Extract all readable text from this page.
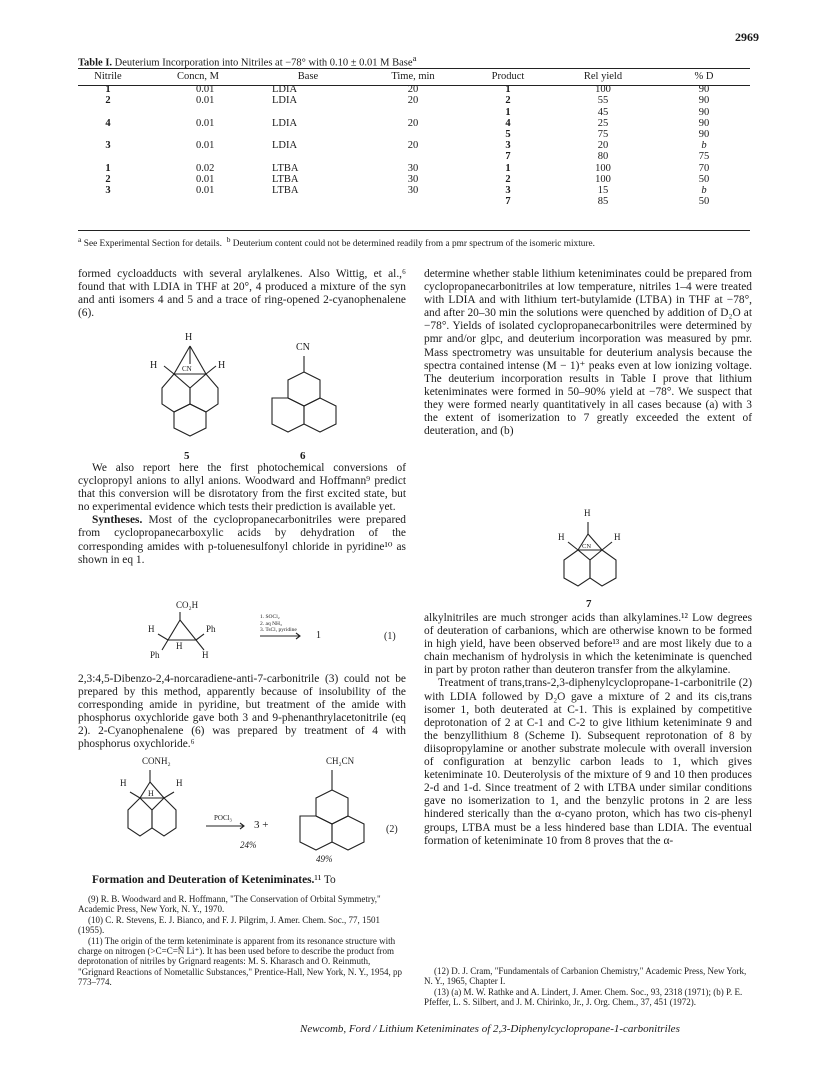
2969
Table I. Deuterium Incorporation into Nitriles at −78° with 0.10 ± 0.01 M Base$^a$
Nitrile	Concn, M	Base	Time, min	Product	Rel yield	% D
1	0.01	LDIA	20	1	100	90
2	0.01	LDIA	20	2	55	90
				1	45	90
4	0.01	LDIA	20	4	25	90
				5	75	90
3	0.01	LDIA	20	3	20	b
				7	80	75
1	0.02	LTBA	30	1	100	70
2	0.01	LTBA	30	2	100	50
3	0.01	LTBA	30	3	15	b
				7	85	50
$^a$ See Experimental Section for details. $^b$ Deuterium content could not be determined readily from a pmr spectrum of the isomeric mixture.

formed cycloadducts with several arylalkenes. Also Wittig, et al.,⁶ found that with LDIA in THF at 20°, 4 produced a mixture of the syn and anti isomers 4 and 5 and a trace of ring-opened 2-cyanophenalene (6).

H
H	H
CN
5
CN
6

We also report here the first photochemical conversions of cyclopropyl anions to allyl anions. Woodward and Hoffmann⁹ predict that this conversion will be disrotatory from the first excited state, but no experimental evidence which tests their prediction is available yet.

Syntheses. Most of the cyclopropanecarbonitriles were prepared from cyclopropanecarboxylic acids by dehydration of the corresponding amides with p-toluenesulfonyl chloride in pyridine¹⁰ as shown in eq 1.

CO₂H
H	Ph
H
Ph	H
1. SOCl₂
2. aq NH₃
3. TsCl, pyridine 1	(1)

2,3:4,5-Dibenzo-2,4-norcaradiene-anti-7-carbonitrile (3) could not be prepared by this method, apparently because of insolubility of the corresponding amide in pyridine, but treatment of the amide with phosphorus oxychloride gave both 3 and 9-phenanthrylacetonitrile (eq 2). 2-Cyanophenalene (6) was prepared by treatment of 4 with phosphorus oxychloride.⁶

CONH₂
H	H
H
POCl₃
3 +
24%
CH₂CN
49%
(2)

Formation and Deuteration of Keteniminates.¹¹ To

(9) R. B. Woodward and R. Hoffmann, "The Conservation of Orbital Symmetry," Academic Press, New York, N. Y., 1970.

(10) C. R. Stevens, E. J. Bianco, and F. J. Pilgrim, J. Amer. Chem. Soc., 77, 1501 (1955).

(11) The origin of the term keteniminate is apparent from its resonance structure with charge on nitrogen (>C=C=N̄ Li⁺). It has been used before to describe the product from deprotonation of nitriles by Grignard reagents: M. S. Kharasch and O. Reinmuth, "Grignard Reactions of Nometallic Substances," Prentice-Hall, New York, N. Y., 1954, pp 773–774.

determine whether stable lithium keteniminates could be prepared from cyclopropanecarbonitriles at low temperature, nitriles 1–4 were treated with LDIA and with lithium tert-butylamide (LTBA) in THF at −78°, and after 20–30 min the solutions were quenched by addition of D₂O at −78°. Yields of isolated cyclopropanecarbonitriles were determined by pmr and/or glpc, and deuterium incorporation was measured by pmr. Mass spectrometry was unsuitable for deuterium analysis because the spectra contained intense (M − 1)⁺ peaks even at low ionizing voltage. The deuterium incorporation results in Table I prove that lithium keteniminates were formed in 50–90% yield at −78°. We suspect that they were formed nearly quantitatively in all cases because (a) with 3 the extent of isomerization to 7 greatly exceeded the extent of deuteration, and (b)

H
H	H
CN
7

alkylnitriles are much stronger acids than alkylamines.¹² Low degrees of deuteration of carbanions, which are otherwise known to be formed in high yield, have been observed before¹³ and are most likely due to a chain mechanism of hydrolysis in which the keteniminate is quenched in part by proton rather than deuteron transfer from the alkylamine.

Treatment of trans,trans-2,3-diphenylcyclopropane-1-carbonitrile (2) with LDIA followed by D₂O gave a mixture of 2 and its cis,trans isomer 1, both deuterated at C-1. This is explained by competitive deprotonation of 2 at C-1 and C-2 to give lithium keteniminate 9 and the benzyllithium 8 (Scheme I). Subsequent reprotonation of 8 by diisopropylamine or another substrate molecule with overall inversion of configuration at benzylic carbon leads to 1, which gives keteniminate 10. Deuterolysis of the mixture of 9 and 10 then produces 2-d and 1-d. Since treatment of 2 with LTBA under similar conditions gave no isomerization to 1, and the benzylic protons in 2 are less hindered sterically than the α-cyano proton, which has two cis-phenyl groups, LTBA must be a less hindered base than LDIA. The eventual formation of keteniminate 10 from 8 proves that the α-

(12) D. J. Cram, "Fundamentals of Carbanion Chemistry," Academic Press, New York, N. Y., 1965, Chapter I.

(13) (a) M. W. Rathke and A. Lindert, J. Amer. Chem. Soc., 93, 2318 (1971); (b) P. E. Pfeffer, L. S. Silbert, and J. M. Chirinko, Jr., J. Org. Chem., 37, 451 (1972).

Newcomb, Ford / Lithium Keteniminates of 2,3-Diphenylcyclopropane-1-carbonitriles
